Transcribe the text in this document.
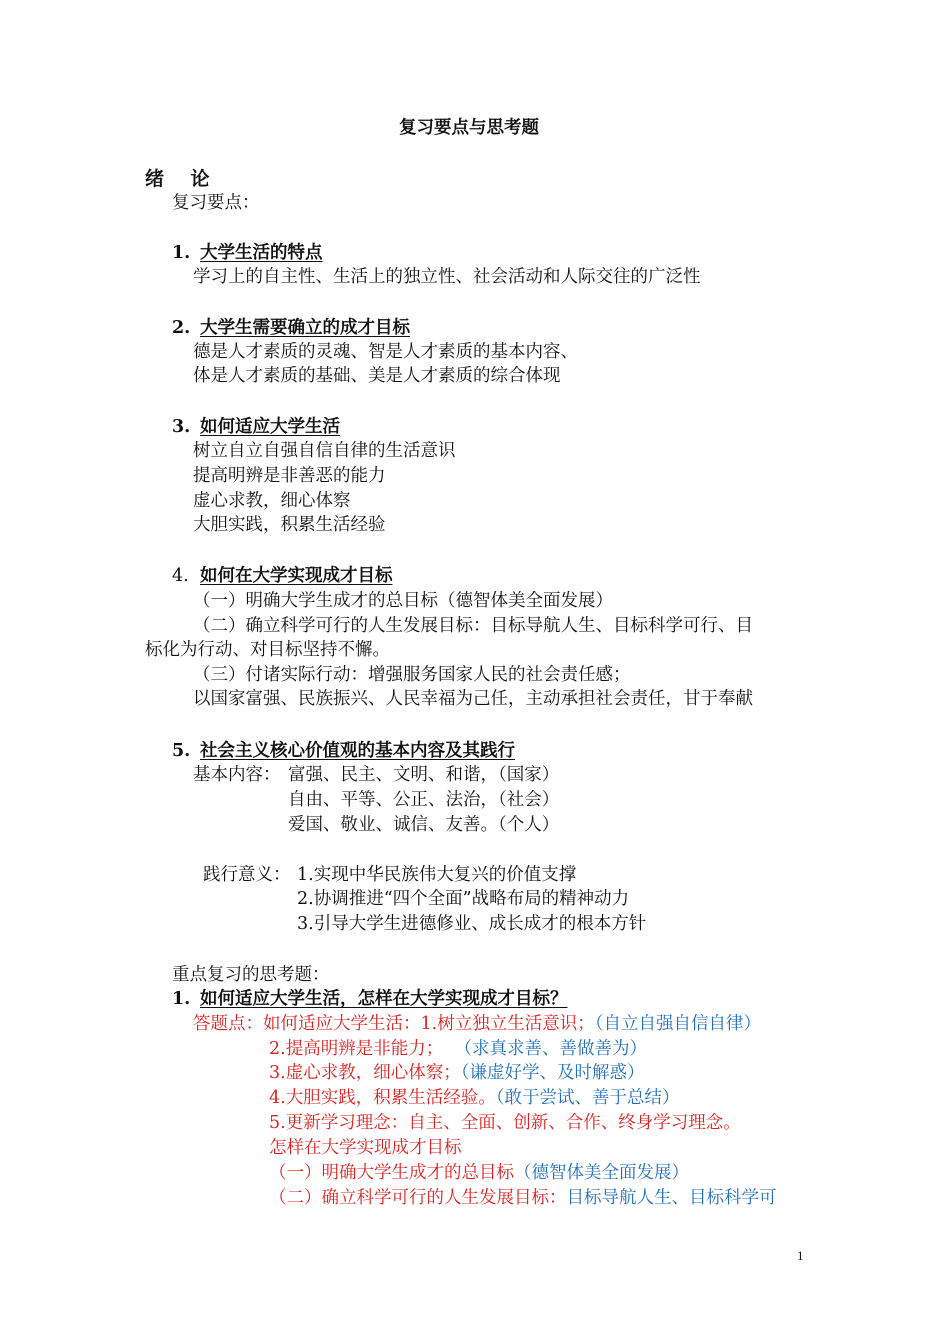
复习要点与思考题
绪    论
复习要点：
1. 大学生活的特点
学习上的自主性、生活上的独立性、社会活动和人际交往的广泛性
2. 大学生需要确立的成才目标
德是人才素质的灵魂、智是人才素质的基本内容、
体是人才素质的基础、美是人才素质的综合体现
3. 如何适应大学生活
树立自立自强自信自律的生活意识
提高明辨是非善恶的能力
虚心求教，细心体察
大胆实践，积累生活经验
4. 如何在大学实现成才目标
（一）明确大学生成才的总目标（德智体美全面发展）
（二）确立科学可行的人生发展目标：目标导航人生、目标科学可行、目
标化为行动、对目标坚持不懈。
（三）付诸实际行动：增强服务国家人民的社会责任感；
以国家富强、民族振兴、人民幸福为己任，主动承担社会责任，甘于奉献
5. 社会主义核心价值观的基本内容及其践行
基本内容： 富强、民主、文明、和谐，（国家）
自由、平等、公正、法治，（社会）
爱国、敬业、诚信、友善。（个人）
践行意义： 1.实现中华民族伟大复兴的价值支撑
2.协调推进“四个全面”战略布局的精神动力
3.引导大学生进德修业、成长成才的根本方针
重点复习的思考题：
1. 如何适应大学生活，怎样在大学实现成才目标？
答题点：如何适应大学生活：1.树立独立生活意识；（自立自强自信自律）
2.提高明辨是非能力； （求真求善、善做善为）
3.虚心求教，细心体察；（谦虚好学、及时解惑）
4.大胆实践，积累生活经验。（敢于尝试、善于总结）
5.更新学习理念：自主、全面、创新、合作、终身学习理念。
怎样在大学实现成才目标
（一）明确大学生成才的总目标（德智体美全面发展）
（二）确立科学可行的人生发展目标：目标导航人生、目标科学可
1
